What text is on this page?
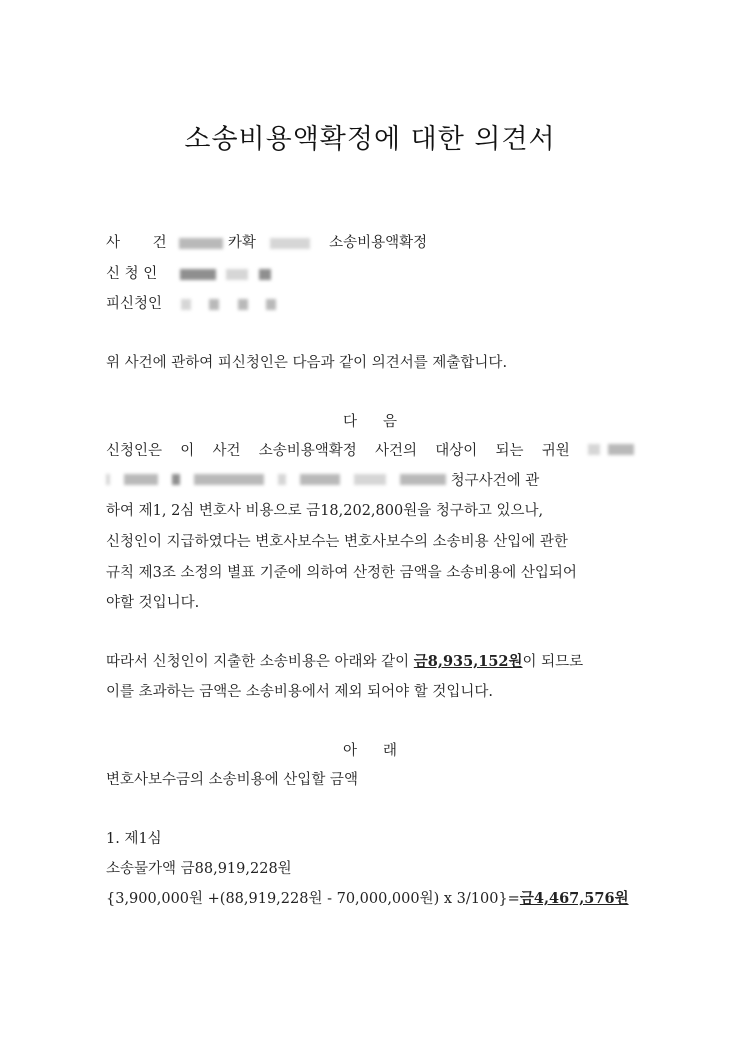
소송비용액확정에 대한 의견서
사 건	카확	소송비용액확정
신 청 인
피신청인
위 사건에 관하여 피신청인은 다음과 같이 의견서를 제출합니다.
다음
신청인은 이 사건 소송비용액확정 사건의 대상이 되는 귀원
청구사건에 관
하여 제1, 2심 변호사 비용으로 금18,202,800원을 청구하고 있으나,
신청인이 지급하였다는 변호사보수는 변호사보수의 소송비용 산입에 관한
규칙 제3조 소정의 별표 기준에 의하여 산정한 금액을 소송비용에 산입되어
야할 것입니다.
따라서 신청인이 지출한 소송비용은 아래와 같이 금8,935,152원이 되므로
이를 초과하는 금액은 소송비용에서 제외 되어야 할 것입니다.
아래
변호사보수금의 소송비용에 산입할 금액
1. 제1심
소송물가액 금88,919,228원
{3,900,000원 +(88,919,228원 - 70,000,000원) x 3/100}=금4,467,576원
